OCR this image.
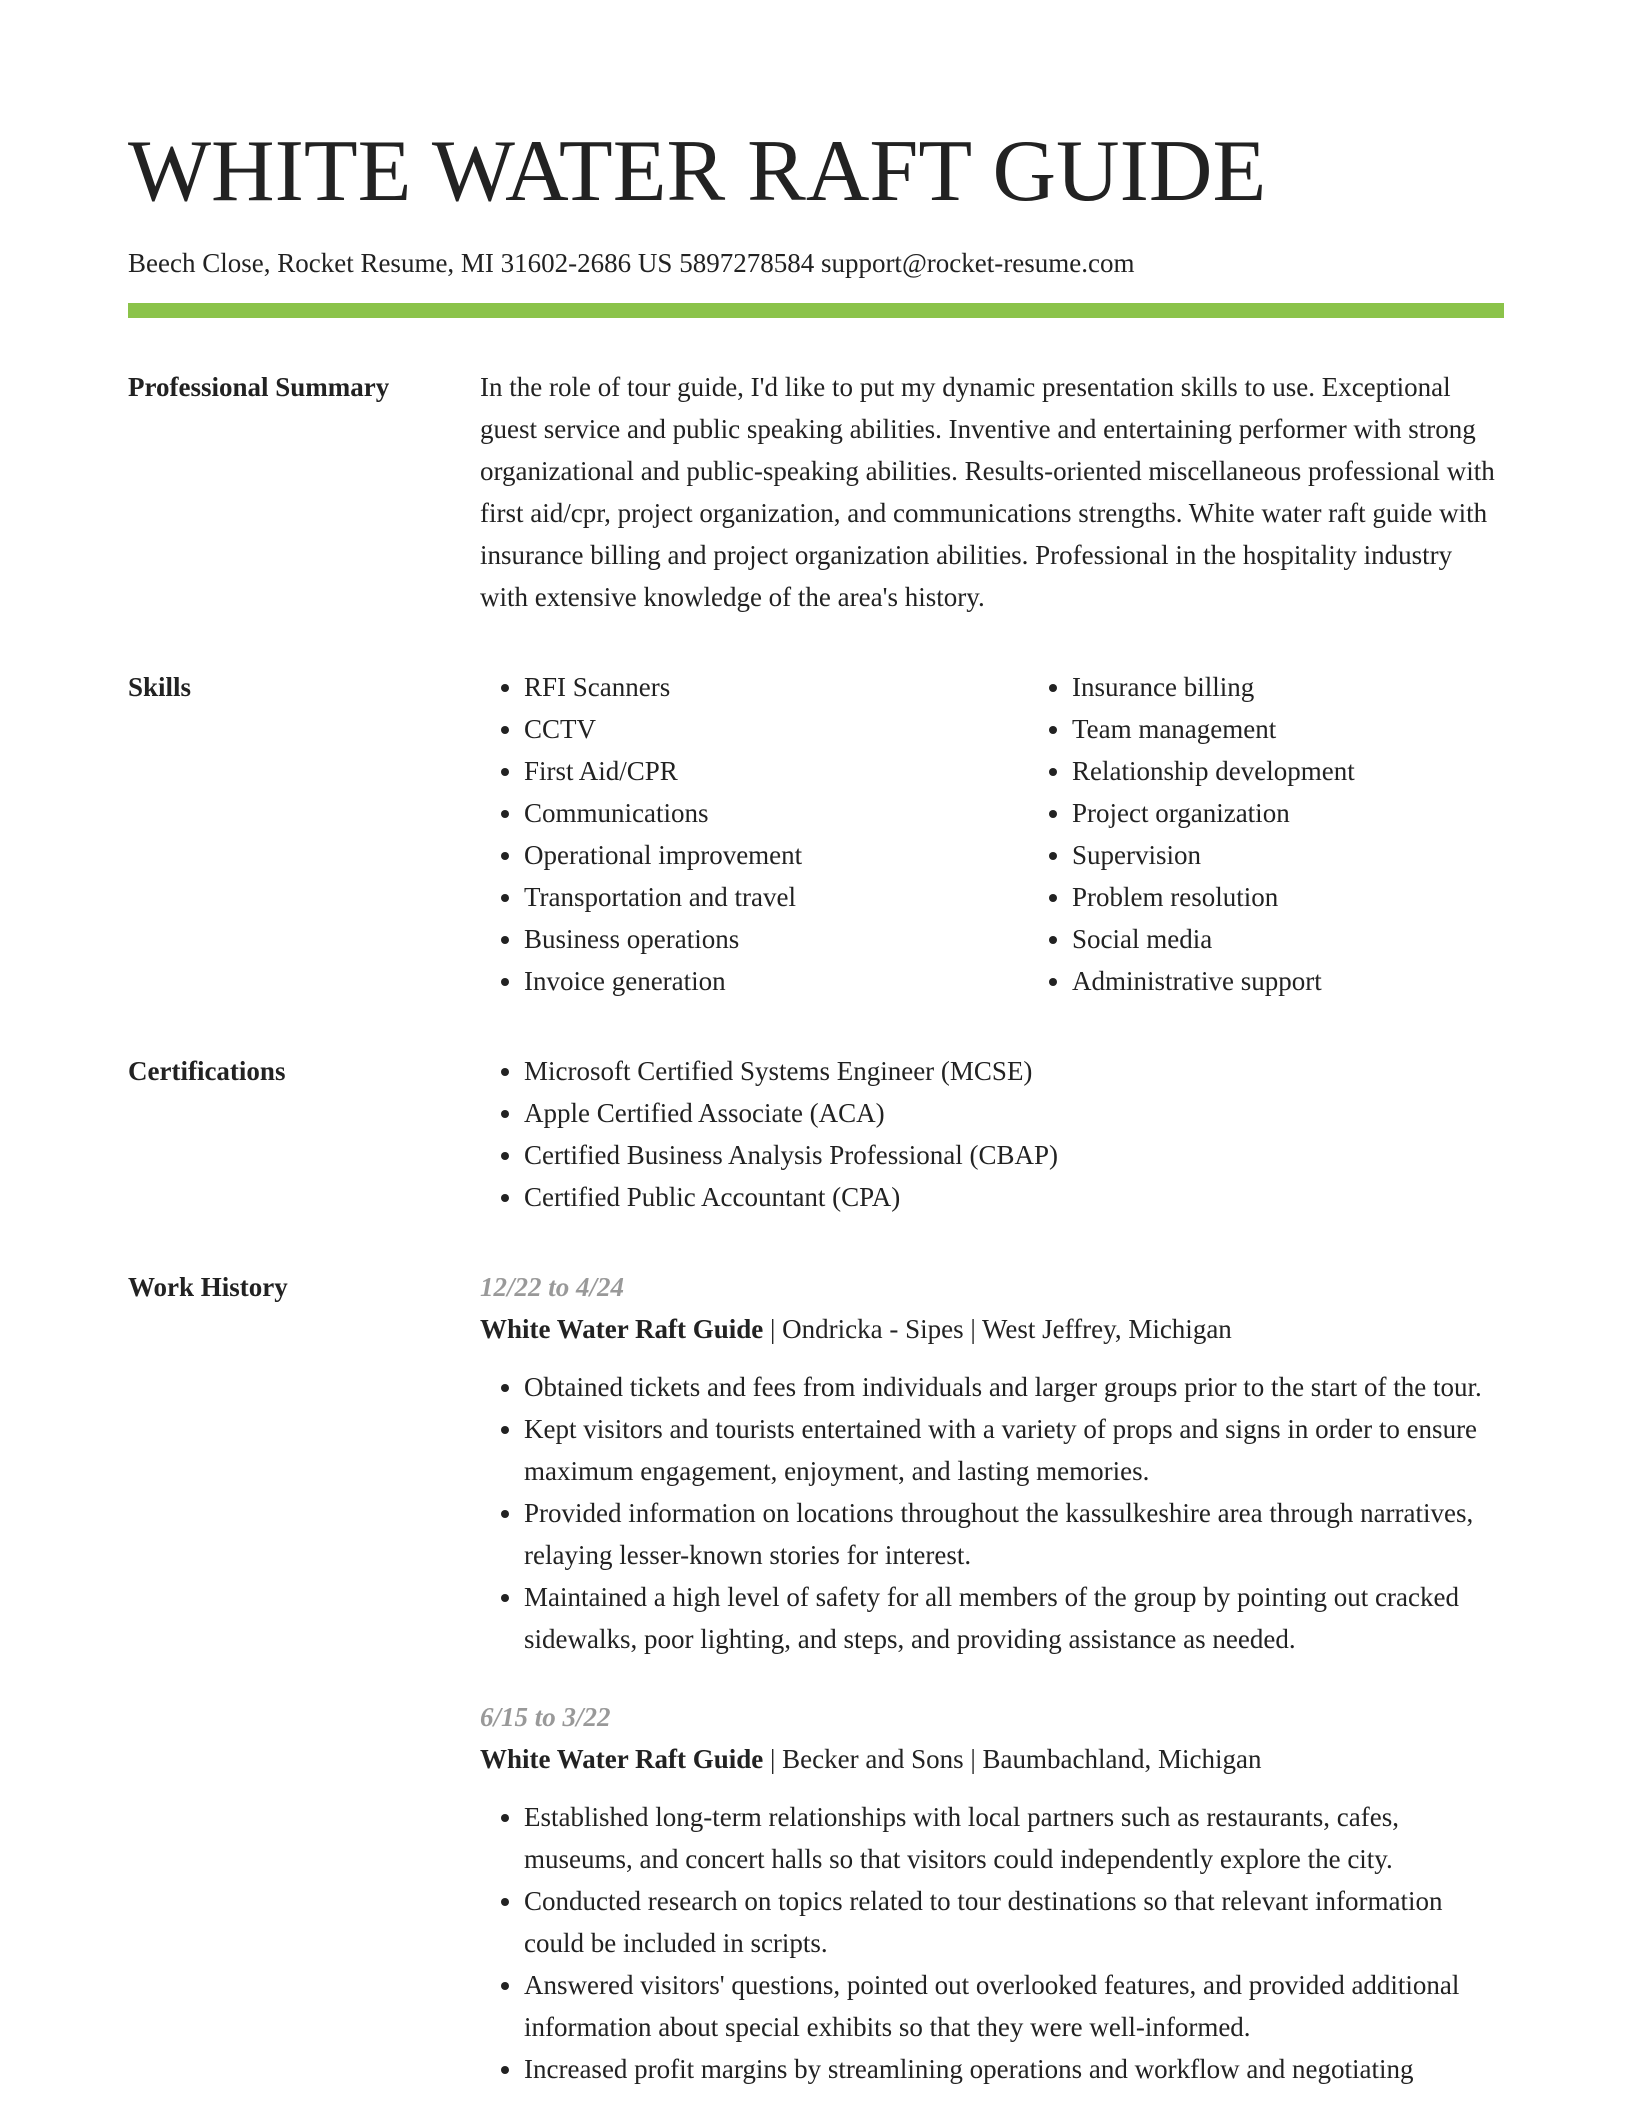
WHITE WATER RAFT GUIDE
Beech Close, Rocket Resume, MI 31602-2686 US 5897278584 support@rocket-resume.com
Professional Summary	In the role of tour guide, I'd like to put my dynamic presentation skills to use. Exceptional guest service and public speaking abilities. Inventive and entertaining performer with strong organizational and public-speaking abilities. Results-oriented miscellaneous professional with first aid/cpr, project organization, and communications strengths. White water raft guide with insurance billing and project organization abilities. Professional in the hospitality industry with extensive knowledge of the area's history.

Skills	• RFI Scanners
• CCTV
• First Aid/CPR
• Communications
• Operational improvement
• Transportation and travel
• Business operations
• Invoice generation
• Insurance billing
• Team management
• Relationship development
• Project organization
• Supervision
• Problem resolution
• Social media
• Administrative support
Certifications	• Microsoft Certified Systems Engineer (MCSE)
• Apple Certified Associate (ACA)
• Certified Business Analysis Professional (CBAP)
• Certified Public Accountant (CPA)
Work History	12/22 to 4/24
White Water Raft Guide | Ondricka - Sipes | West Jeffrey, Michigan
• Obtained tickets and fees from individuals and larger groups prior to the start of the tour.
• Kept visitors and tourists entertained with a variety of props and signs in order to ensure maximum engagement, enjoyment, and lasting memories.
• Provided information on locations throughout the kassulkeshire area through narratives, relaying lesser-known stories for interest.
• Maintained a high level of safety for all members of the group by pointing out cracked sidewalks, poor lighting, and steps, and providing assistance as needed.
6/15 to 3/22
White Water Raft Guide | Becker and Sons | Baumbachland, Michigan
• Established long-term relationships with local partners such as restaurants, cafes, museums, and concert halls so that visitors could independently explore the city.
• Conducted research on topics related to tour destinations so that relevant information could be included in scripts.
• Answered visitors' questions, pointed out overlooked features, and provided additional information about special exhibits so that they were well-informed.
• Increased profit margins by streamlining operations and workflow and negotiating
